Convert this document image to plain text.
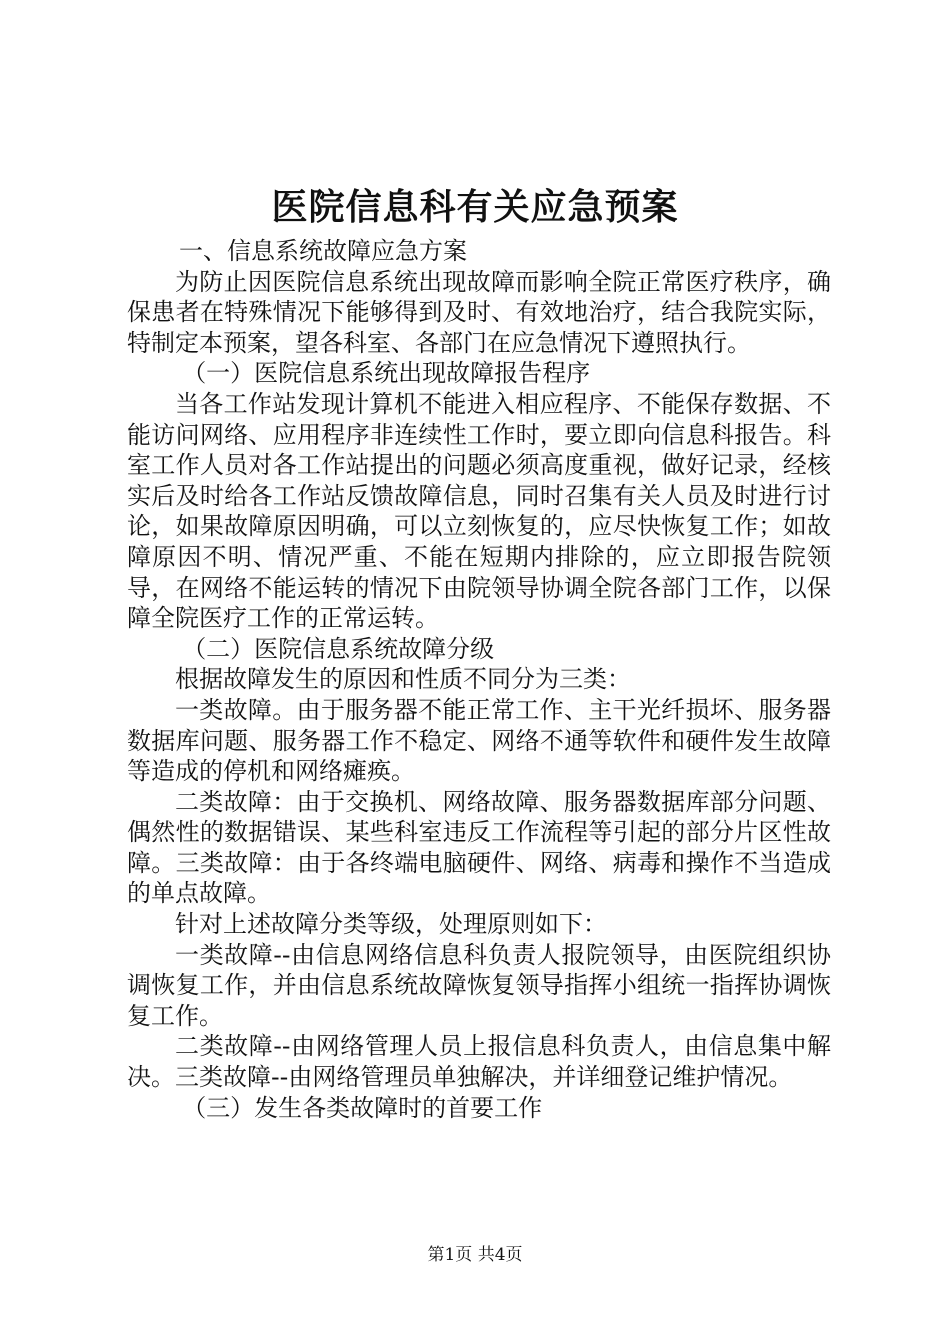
医院信息科有关应急预案

一、信息系统故障应急方案

为防止因医院信息系统出现故障而影响全院正常医疗秩序，确保患者在特殊情况下能够得到及时、有效地治疗，结合我院实际，特制定本预案，望各科室、各部门在应急情况下遵照执行。

（一）医院信息系统出现故障报告程序

当各工作站发现计算机不能进入相应程序、不能保存数据、不能访问网络、应用程序非连续性工作时，要立即向信息科报告。科室工作人员对各工作站提出的问题必须高度重视，做好记录，经核实后及时给各工作站反馈故障信息，同时召集有关人员及时进行讨论，如果故障原因明确，可以立刻恢复的，应尽快恢复工作；如故障原因不明、情况严重、不能在短期内排除的，应立即报告院领导，在网络不能运转的情况下由院领导协调全院各部门工作，以保障全院医疗工作的正常运转。

（二）医院信息系统故障分级

根据故障发生的原因和性质不同分为三类：

一类故障。由于服务器不能正常工作、主干光纤损坏、服务器数据库问题、服务器工作不稳定、网络不通等软件和硬件发生故障等造成的停机和网络瘫痪。

二类故障：由于交换机、网络故障、服务器数据库部分问题、偶然性的数据错误、某些科室违反工作流程等引起的部分片区性故障。三类故障：由于各终端电脑硬件、网络、病毒和操作不当造成的单点故障。

针对上述故障分类等级，处理原则如下：

一类故障--由信息网络信息科负责人报院领导，由医院组织协调恢复工作，并由信息系统故障恢复领导指挥小组统一指挥协调恢复工作。

二类故障--由网络管理人员上报信息科负责人，由信息集中解决。三类故障--由网络管理员单独解决，并详细登记维护情况。

（三）发生各类故障时的首要工作

第1页 共4页
